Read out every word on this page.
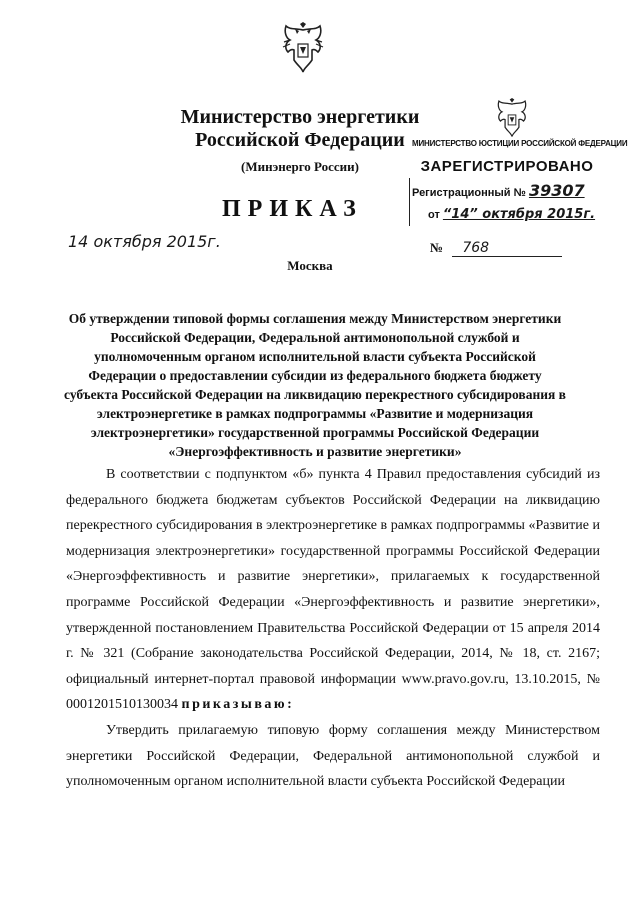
Министерство энергетики
Российской Федерации
(Минэнерго России)
ПРИКАЗ
МИНИСТЕРСТВО ЮСТИЦИИ РОССИЙСКОЙ ФЕДЕРАЦИИ
ЗАРЕГИСТРИРОВАНО
Регистрационный № 39307
от “14” октября 2015г.
14 октября 2015г.	№ 768
Москва
Об утверждении типовой формы соглашения между Министерством энергетики Российской Федерации, Федеральной антимонопольной службой и уполномоченным органом исполнительной власти субъекта Российской Федерации о предоставлении субсидии из федерального бюджета бюджету субъекта Российской Федерации на ликвидацию перекрестного субсидирования в электроэнергетике в рамках подпрограммы «Развитие и модернизация электроэнергетики» государственной программы Российской Федерации «Энергоэффективность и развитие энергетики»

В соответствии с подпунктом «б» пункта 4 Правил предоставления субсидий из федерального бюджета бюджетам субъектов Российской Федерации на ликвидацию перекрестного субсидирования в электроэнергетике в рамках подпрограммы «Развитие и модернизация электроэнергетики» государственной программы Российской Федерации «Энергоэффективность и развитие энергетики», прилагаемых к государственной программе Российской Федерации «Энергоэффективность и развитие энергетики», утвержденной постановлением Правительства Российской Федерации от 15 апреля 2014 г. № 321 (Собрание законодательства Российской Федерации, 2014, № 18, ст. 2167; официальный интернет-портал правовой информации www.pravo.gov.ru, 13.10.2015, № 0001201510130034 приказываю:

Утвердить прилагаемую типовую форму соглашения между Министерством энергетики Российской Федерации, Федеральной антимонопольной службой и уполномоченным органом исполнительной власти субъекта Российской Федерации
